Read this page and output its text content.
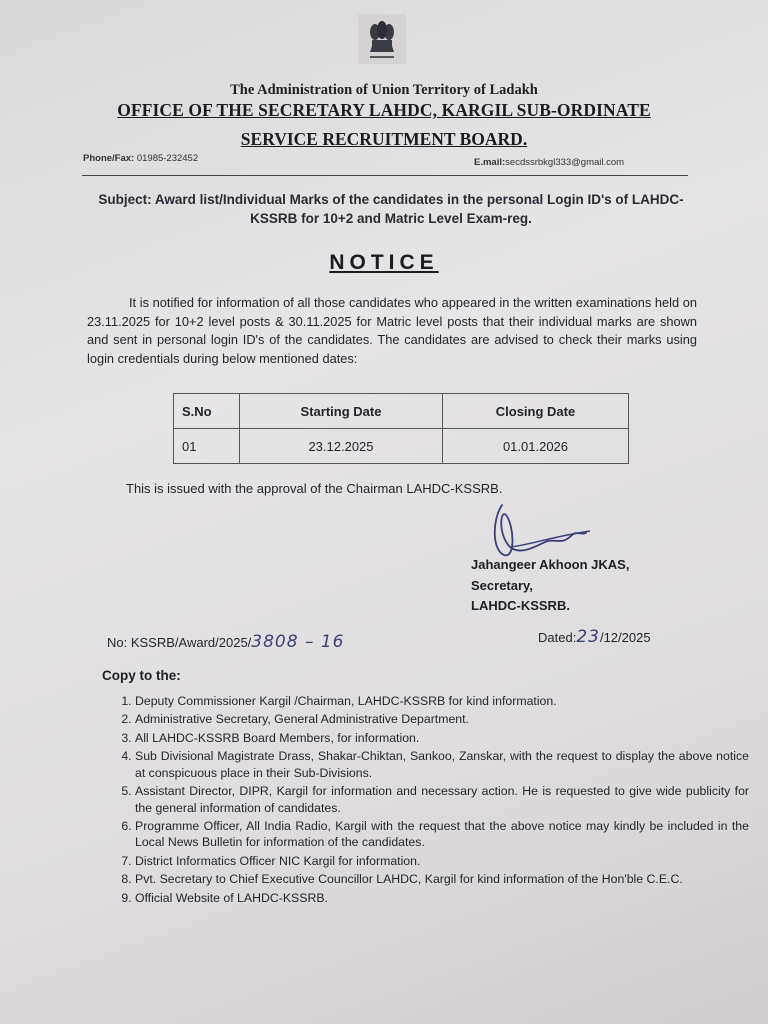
The Administration of Union Territory of Ladakh
OFFICE OF THE SECRETARY LAHDC, KARGIL SUB-ORDINATE
SERVICE RECRUITMENT BOARD.
Phone/Fax: 01985-232452	E.mail:secdssrbkgl333@gmail.com
Subject: Award list/Individual Marks of the candidates in the personal Login ID's of LAHDC-KSSRB for 10+2 and Matric Level Exam-reg.
NOTICE
It is notified for information of all those candidates who appeared in the written examinations held on 23.11.2025 for 10+2 level posts & 30.11.2025 for Matric level posts that their individual marks are shown and sent in personal login ID's of the candidates. The candidates are advised to check their marks using login credentials during below mentioned dates:
S.No	Starting Date	Closing Date
01	23.12.2025	01.01.2026
This is issued with the approval of the Chairman LAHDC-KSSRB.
Jahangeer Akhoon JKAS,
Secretary,
LAHDC-KSSRB.
No: KSSRB/Award/2025/3808 – 16	Dated:23/12/2025
Copy to the:
1. Deputy Commissioner Kargil /Chairman, LAHDC-KSSRB for kind information.
2. Administrative Secretary, General Administrative Department.
3. All LAHDC-KSSRB Board Members, for information.
4. Sub Divisional Magistrate Drass, Shakar-Chiktan, Sankoo, Zanskar, with the request to display the above notice at conspicuous place in their Sub-Divisions.
5. Assistant Director, DIPR, Kargil for information and necessary action. He is requested to give wide publicity for the general information of candidates.
6. Programme Officer, All India Radio, Kargil with the request that the above notice may kindly be included in the Local News Bulletin for information of the candidates.
7. District Informatics Officer NIC Kargil for information.
8. Pvt. Secretary to Chief Executive Councillor LAHDC, Kargil for kind information of the Hon'ble C.E.C.
9. Official Website of LAHDC-KSSRB.
